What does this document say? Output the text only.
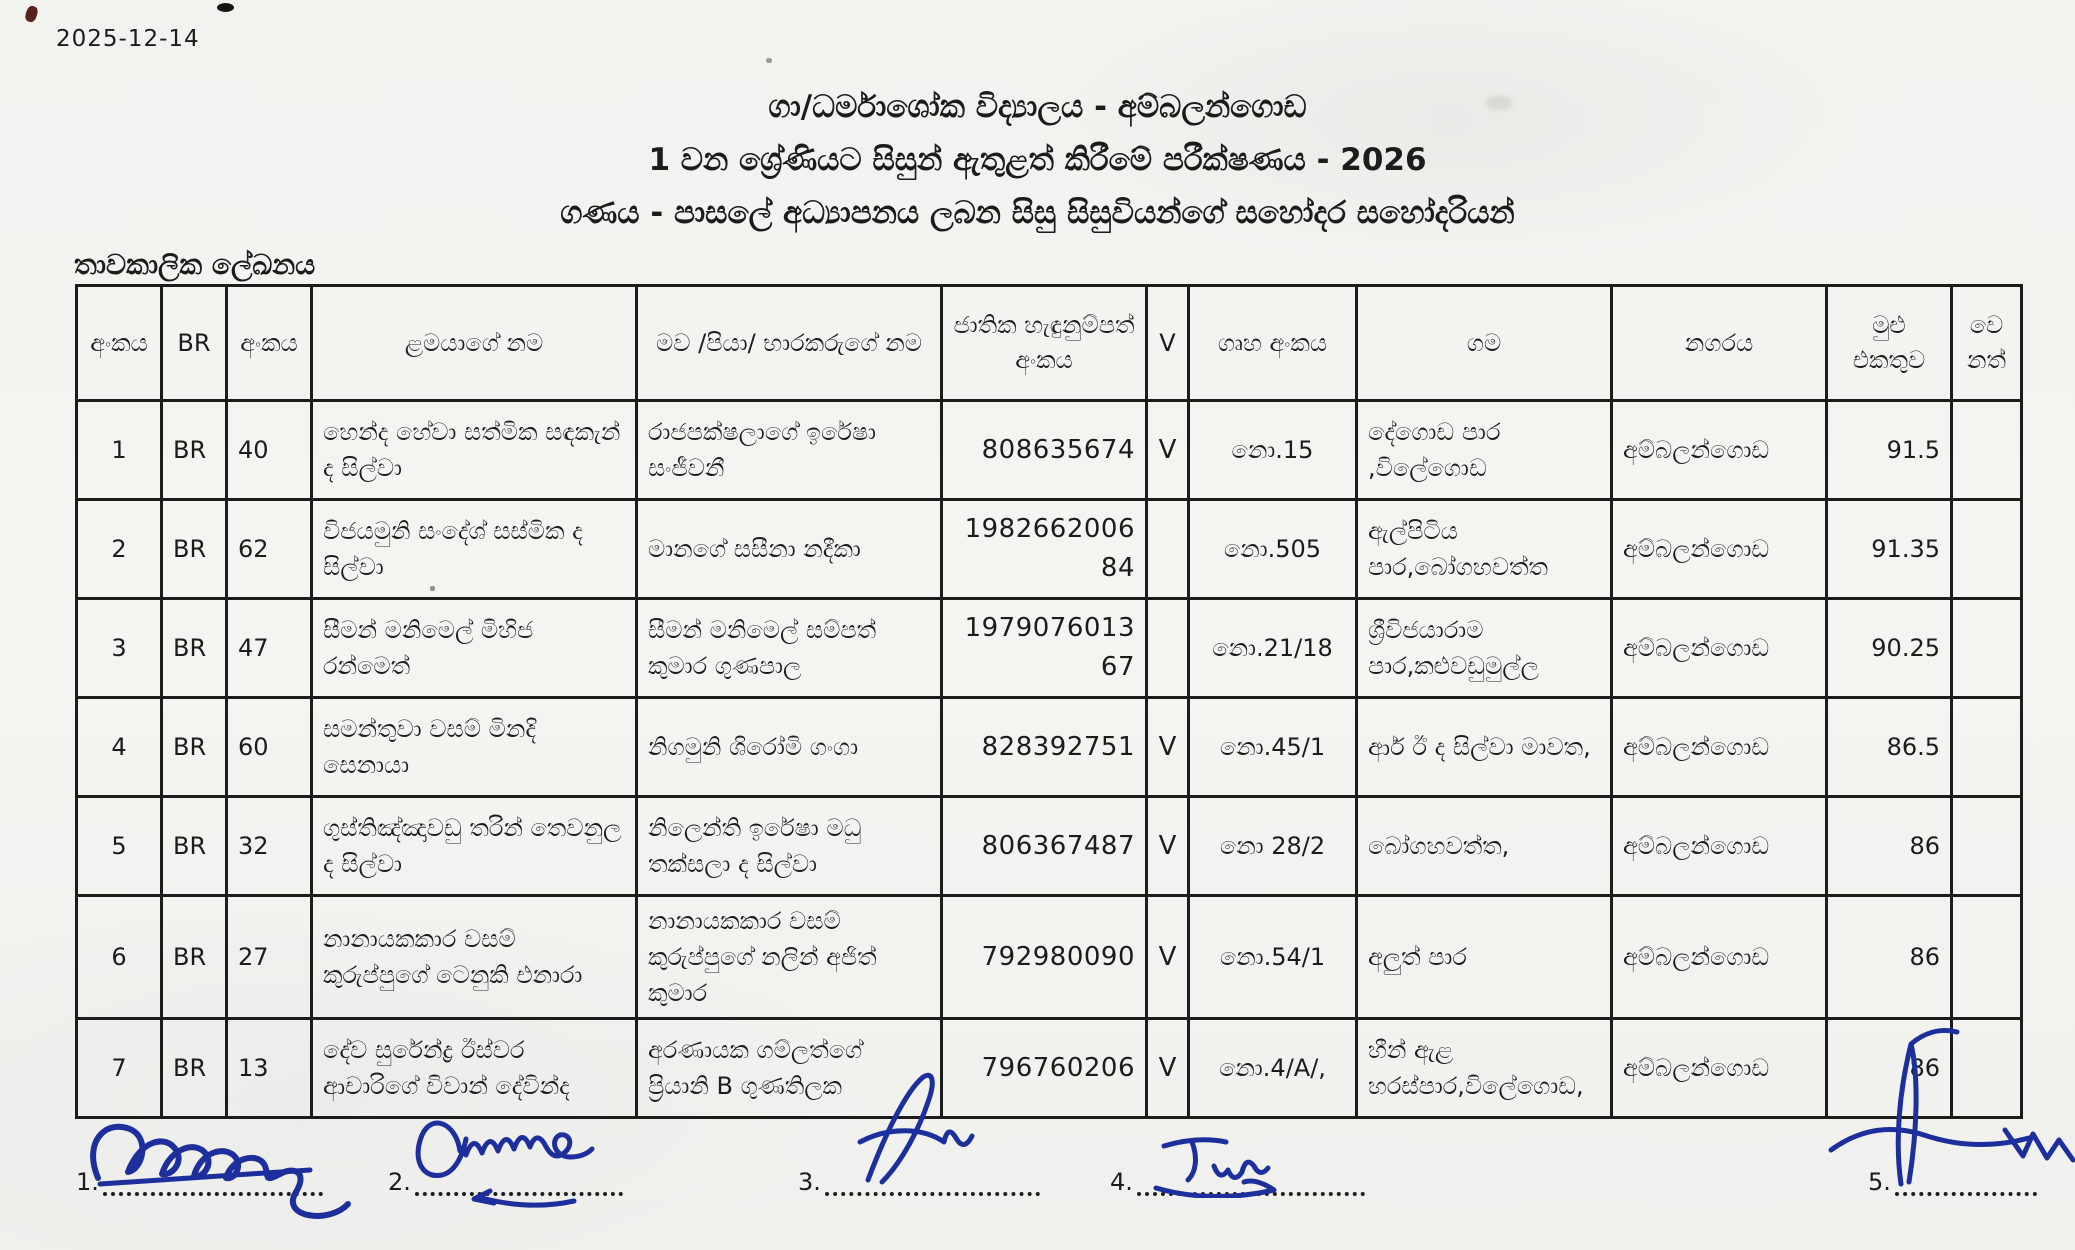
2025-12-14
ගා/ධර්මාශෝක විද්‍යාලය - අම්බලන්ගොඩ
1 වන ශ්‍රේණියට සිසුන් ඇතුළත් කිරීමේ පරීක්ෂණය - 2026
ගණය - පාසලේ අධ්‍යාපනය ලබන සිසු සිසුවියන්ගේ සහෝදර සහෝදරියන්
තාවකාලික ලේඛනය
අංකය	BR	අංකය	ළමයාගේ නම	මව /පියා/ භාරකරුගේ නම	ජාතික හැඳුනුම්පත් අංකය	V	ගෘහ අංකය	ගම	නගරය	මුළු එකතුව	වෙනත්
1	BR	40	හෙන්ද හේවා සත්මික සඳකැන් ද සිල්වා	රාජපක්ෂලාගේ ඉරේෂා සංජීවනී	808635674	V	නො.15	දේගොඩ පාර ,විලේගොඩ	අම්බලන්ගොඩ	91.5	
2	BR	62	විජයමුනි සංදේශ් සස්මික ද සිල්වා	මානගේ සසීනා නදීකා	198266200684		නො.505	ඇල්පිටිය පාර,බෝගහවත්ත	අම්බලන්ගොඩ	91.35	
3	BR	47	සීමන් මනිමෙල් මිහිජ රන්මෙත්	සීමන් මනිමෙල් සම්පත් කුමාර ගුණපාල	197907601367		නො.21/18	ශ්‍රීවිජයාරාම පාර,කළුවඩුමුල්ල	අම්බලන්ගොඩ	90.25	
4	BR	60	සමන්තුවා වසම් මිනදි සෙනායා	නිගමුනි ශිරෝමි ගංගා	828392751	V	නො.45/1	ආර් ඊ ද සිල්වා මාවත,	අම්බලන්ගොඩ	86.5	
5	BR	32	ගුස්තිඤ්ඤාවඩු තරින් තෙවනුල ද සිල්වා	නිලෙන්ති ඉරේෂා මධු තක්සලා ද සිල්වා	806367487	V	නො 28/2	බෝගහවත්ත,	අම්බලන්ගොඩ	86	
6	BR	27	නානායකකාර වසම් කුරුප්පුගේ ටෙනුකි එනාරා	නානායකකාර වසම් කුරුප්පුගේ නලින් අජිත් කුමාර	792980090	V	නො.54/1	අලුත් පාර	අම්බලන්ගොඩ	86	
7	BR	13	දේව සුරේන්ද්‍ර ඊස්වර ආචාරිගේ විවාන් දේවින්ද	අරණායක ගම්ලත්ගේ ප්‍රියානි B ගුණතිලක	796760206	V	නො.4/A/,	හීන් ඇළ හරස්පාර,විලේගොඩ,	අම්බලන්ගොඩ	86	
1.	2.	3.	4.	5.
